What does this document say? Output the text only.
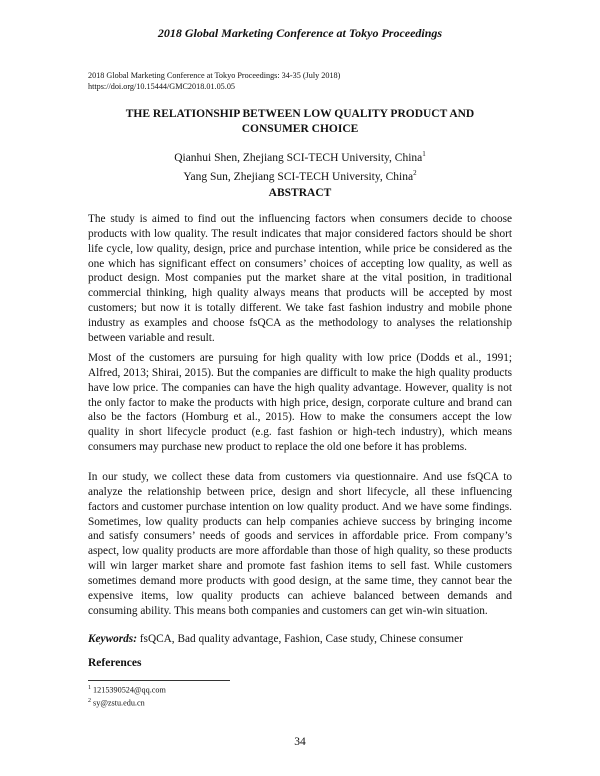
2018 Global Marketing Conference at Tokyo Proceedings
2018 Global Marketing Conference at Tokyo Proceedings: 34-35 (July 2018)
https://doi.org/10.15444/GMC2018.01.05.05
THE RELATIONSHIP BETWEEN LOW QUALITY PRODUCT AND
CONSUMER CHOICE
Qianhui Shen, Zhejiang SCI-TECH University, China$^1$
Yang Sun, Zhejiang SCI-TECH University, China$^2$
ABSTRACT

The study is aimed to find out the influencing factors when consumers decide to choose products with low quality. The result indicates that major considered factors should be short life cycle, low quality, design, price and purchase intention, while price be considered as the one which has significant effect on consumers’ choices of accepting low quality, as well as product design. Most companies put the market share at the vital position, in traditional commercial thinking, high quality always means that products will be accepted by most customers; but now it is totally different. We take fast fashion industry and mobile phone industry as examples and choose fsQCA as the methodology to analyses the relationship between variable and result.

Most of the customers are pursuing for high quality with low price (Dodds et al., 1991; Alfred, 2013; Shirai, 2015). But the companies are difficult to make the high quality products have low price. The companies can have the high quality advantage. However, quality is not the only factor to make the products with high price, design, corporate culture and brand can also be the factors (Homburg et al., 2015). How to make the consumers accept the low quality in short lifecycle product (e.g. fast fashion or high-tech industry), which means consumers may purchase new product to replace the old one before it has problems.

In our study, we collect these data from customers via questionnaire. And use fsQCA to analyze the relationship between price, design and short lifecycle, all these influencing factors and customer purchase intention on low quality product. And we have some findings. Sometimes, low quality products can help companies achieve success by bringing income and satisfy consumers’ needs of goods and services in affordable price. From company’s aspect, low quality products are more affordable than those of high quality, so these products will win larger market share and promote fast fashion items to sell fast. While customers sometimes demand more products with good design, at the same time, they cannot bear the expensive items, low quality products can achieve balanced between demands and consuming ability. This means both companies and customers can get win-win situation.

Keywords: fsQCA, Bad quality advantage, Fashion, Case study, Chinese consumer

References
$^1$ 1215390524@qq.com
$^2$ sy@zstu.edu.cn
34
